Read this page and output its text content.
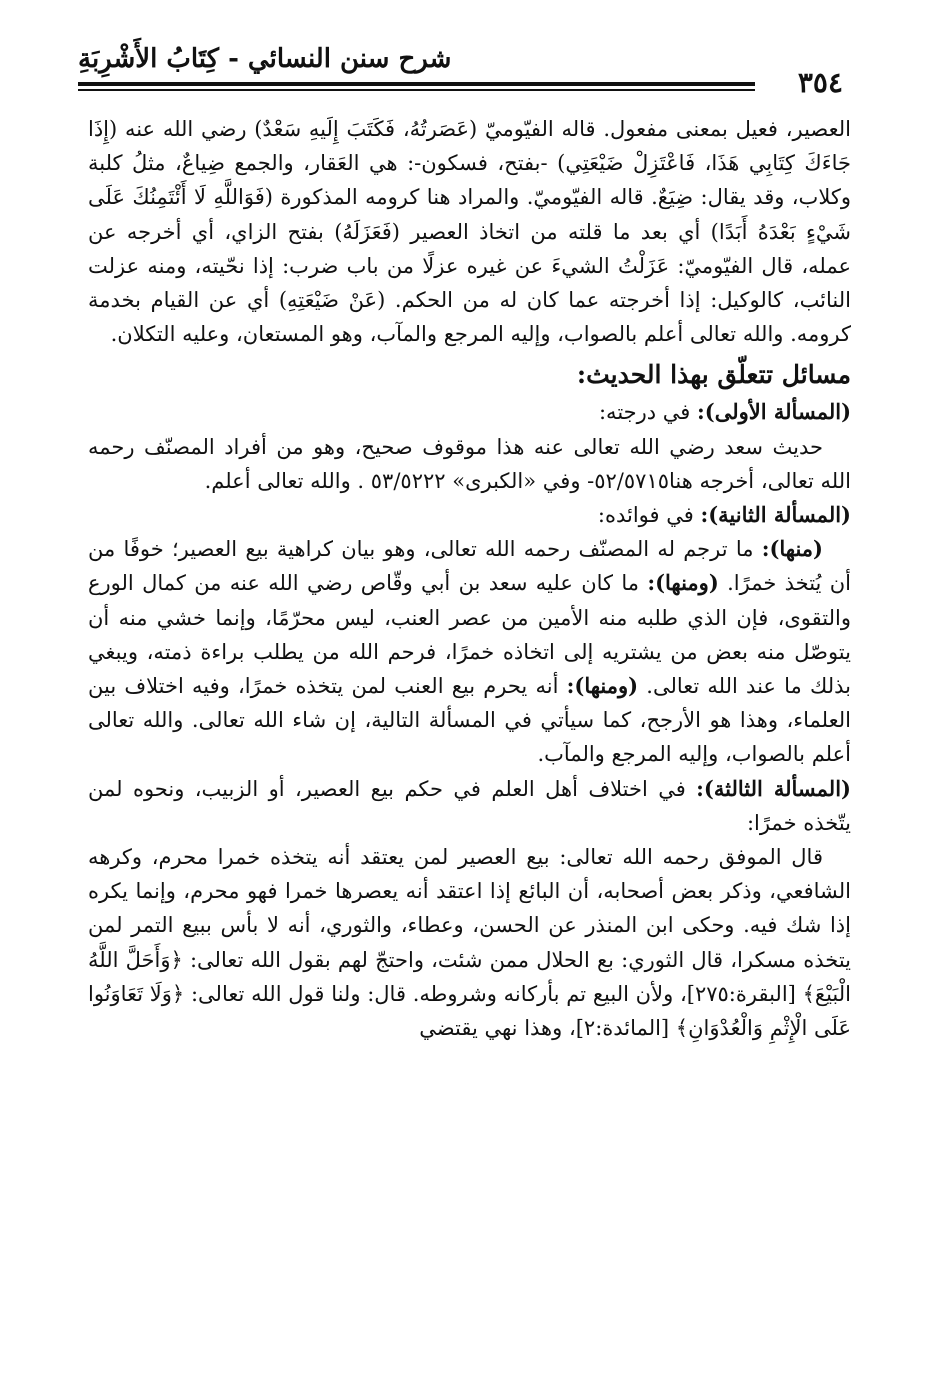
شرح سنن النسائي - كِتَابُ الأَشْرِبَةِ
٣٥٤

العصير، فعيل بمعنى مفعول. قاله الفيّوميّ (عَصَرتُهُ، فَكَتَبَ إِلَيهِ سَعْدٌ) رضي الله عنه (إِذَا جَاءَكَ كِتَابِي هَذَا، فَاعْتَزِلْ ضَيْعَتِي) -بفتح، فسكون-: هي العَقار، والجمع ضِياعٌ، مثلُ كلبة وكلاب، وقد يقال: ضِيَعٌ. قاله الفيّوميّ. والمراد هنا كرومه المذكورة (فَوَاللَّهِ لَا أَئْتَمِنُكَ عَلَى شَيْءٍ بَعْدَهُ أَبَدًا) أي بعد ما قلته من اتخاذ العصير (فَعَزَلَهُ) بفتح الزاي، أي أخرجه عن عمله، قال الفيّوميّ: عَزَلْتُ الشيءَ عن غيره عزلًا من باب ضرب: إذا نحّيته، ومنه عزلت النائب، كالوكيل: إذا أخرجته عما كان له من الحكم. (عَنْ ضَيْعَتِهِ) أي عن القيام بخدمة كرومه. والله تعالى أعلم بالصواب، وإليه المرجع والمآب، وهو المستعان، وعليه التكلان.

مسائل تتعلّق بهذا الحديث:

(المسألة الأولى): في درجته:

حديث سعد رضي الله تعالى عنه هذا موقوف صحيح، وهو من أفراد المصنّف رحمه الله تعالى، أخرجه هنا٥٢/٥٧١٥- وفي «الكبرى» ٥٣/٥٢٢٢ . والله تعالى أعلم.

(المسألة الثانية): في فوائده:

(منها): ما ترجم له المصنّف رحمه الله تعالى، وهو بيان كراهية بيع العصير؛ خوفًا من أن يُتخذ خمرًا. (ومنها): ما كان عليه سعد بن أبي وقّاص رضي الله عنه من كمال الورع والتقوى، فإن الذي طلبه منه الأمين من عصر العنب، ليس محرّمًا، وإنما خشي منه أن يتوصّل منه بعض من يشتريه إلى اتخاذه خمرًا، فرحم الله من يطلب براءة ذمته، ويبغي بذلك ما عند الله تعالى. (ومنها): أنه يحرم بيع العنب لمن يتخذه خمرًا، وفيه اختلاف بين العلماء، وهذا هو الأرجح، كما سيأتي في المسألة التالية، إن شاء الله تعالى. والله تعالى أعلم بالصواب، وإليه المرجع والمآب.

(المسألة الثالثة): في اختلاف أهل العلم في حكم بيع العصير، أو الزبيب، ونحوه لمن يتّخذه خمرًا:

قال الموفق رحمه الله تعالى: بيع العصير لمن يعتقد أنه يتخذه خمرا محرم، وكرهه الشافعي، وذكر بعض أصحابه، أن البائع إذا اعتقد أنه يعصرها خمرا فهو محرم، وإنما يكره إذا شك فيه. وحكى ابن المنذر عن الحسن، وعطاء، والثوري، أنه لا بأس ببيع التمر لمن يتخذه مسكرا، قال الثوري: بع الحلال ممن شئت، واحتجّ لهم بقول الله تعالى: ﴿وَأَحَلَّ اللَّهُ الْبَيْعَ﴾ [البقرة:٢٧٥]، ولأن البيع تم بأركانه وشروطه. قال: ولنا قول الله تعالى: ﴿وَلَا تَعَاوَنُوا عَلَى الْإِثْمِ وَالْعُدْوَانِ﴾ [المائدة:٢]، وهذا نهي يقتضي
